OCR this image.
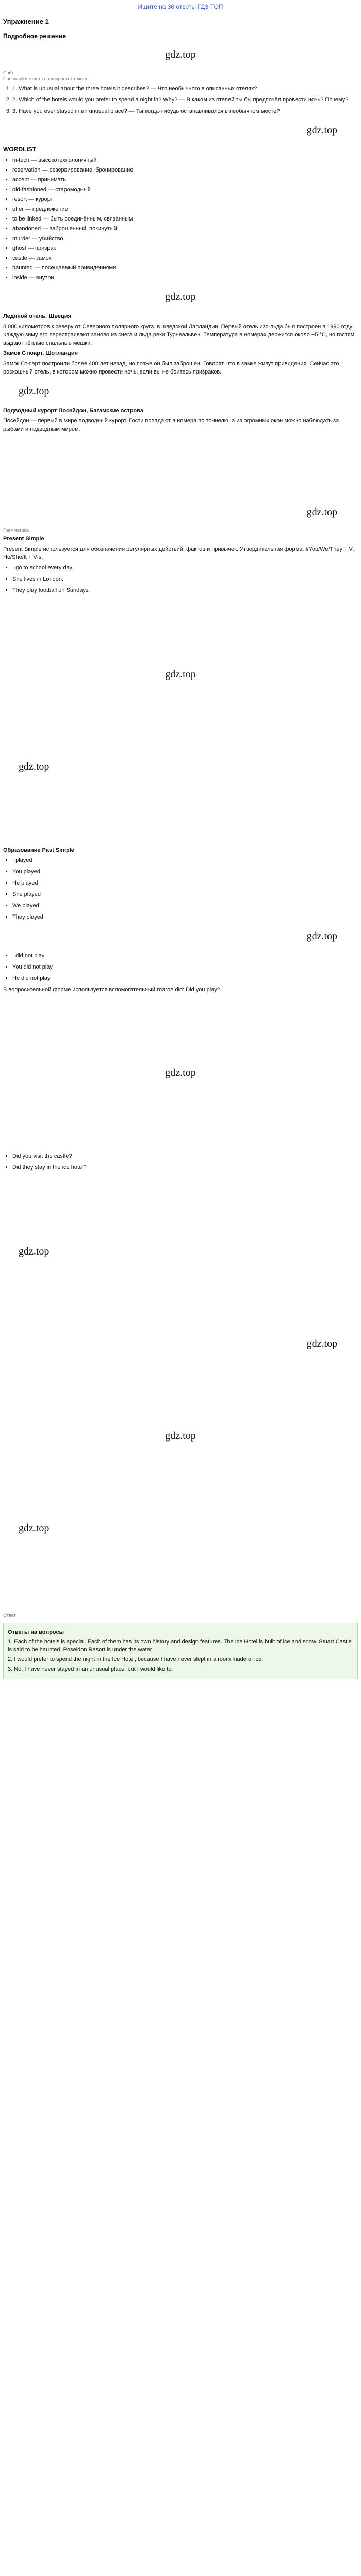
Ищите на 36 ответы ГДЗ ТОП
Упражнение 1
Подробное решение
gdz.top
Сайт
Прочитай и ответь на вопросы к тексту
1. 1. What is unusual about the three hotels it describes? — Что необычного в описанных отелях?
2. 2. Which of the hotels would you prefer to spend a night in? Why? — В каком из отелей ты бы предпочёл провести ночь? Почему?
3. 3. Have you ever stayed in an unusual place? — Ты когда-нибудь останавливался в необычном месте?
gdz.top
WORDLIST
• hi-tech — высокотехнологичный
• reservation — резервирование, бронирование
• accept — принимать
• old-fashioned — старомодный
• resort — курорт
• offer — предложение
• to be linked — быть соединённым, связанным
• abandoned — заброшенный, покинутый
• murder — убийство
• ghost — призрак
• castle — замок
• haunted — посещаемый привидениями
• inside — внутри
gdz.top

Ледяной отель, Швеция

8 000 километров к северу от Северного полярного круга, в шведской Лапландии. Первый отель изо льда был построен в 1990 году. Каждую зиму его перестраивают заново из снега и льда реки Турнеэльвен. Температура в номерах держится около −5 °С, но гостям выдают тёплые спальные мешки.

Замок Стюарт, Шотландия

Замок Стюарт построили более 400 лет назад, но позже он был заброшен. Говорят, что в замке живут привидения. Сейчас это роскошный отель, в котором можно провести ночь, если вы не боитесь призраков.

gdz.top

Подводный курорт Посейдон, Багамские острова

Посейдон — первый в мире подводный курорт. Гости попадают в номера по тоннелю, а из огромных окон можно наблюдать за рыбами и подводным миром.

gdz.top
Грамматика

Present Simple

Present Simple используется для обозначения регулярных действий, фактов и привычек. Утвердительная форма: I/You/We/They + V; He/She/It + V-s.

• I go to school every day.
• She lives in London.
• They play football on Sundays.
gdz.top
gdz.top

Образование Past Simple

• I played
• You played
• He played
• She played
• We played
• They played
gdz.top
• I did not play
• You did not play
• He did not play

В вопросительной форме используется вспомогательный глагол did: Did you play?

gdz.top
• Did you visit the castle?
• Did they stay in the ice hotel?
gdz.top
gdz.top
gdz.top
gdz.top
Ответ

Ответы на вопросы

1. Each of the hotels is special. Each of them has its own history and design features. The Ice Hotel is built of ice and snow. Stuart Castle is said to be haunted. Poseidon Resort is under the water.

2. I would prefer to spend the night in the Ice Hotel, because I have never slept in a room made of ice.

3. No, I have never stayed in an unusual place, but I would like to.
